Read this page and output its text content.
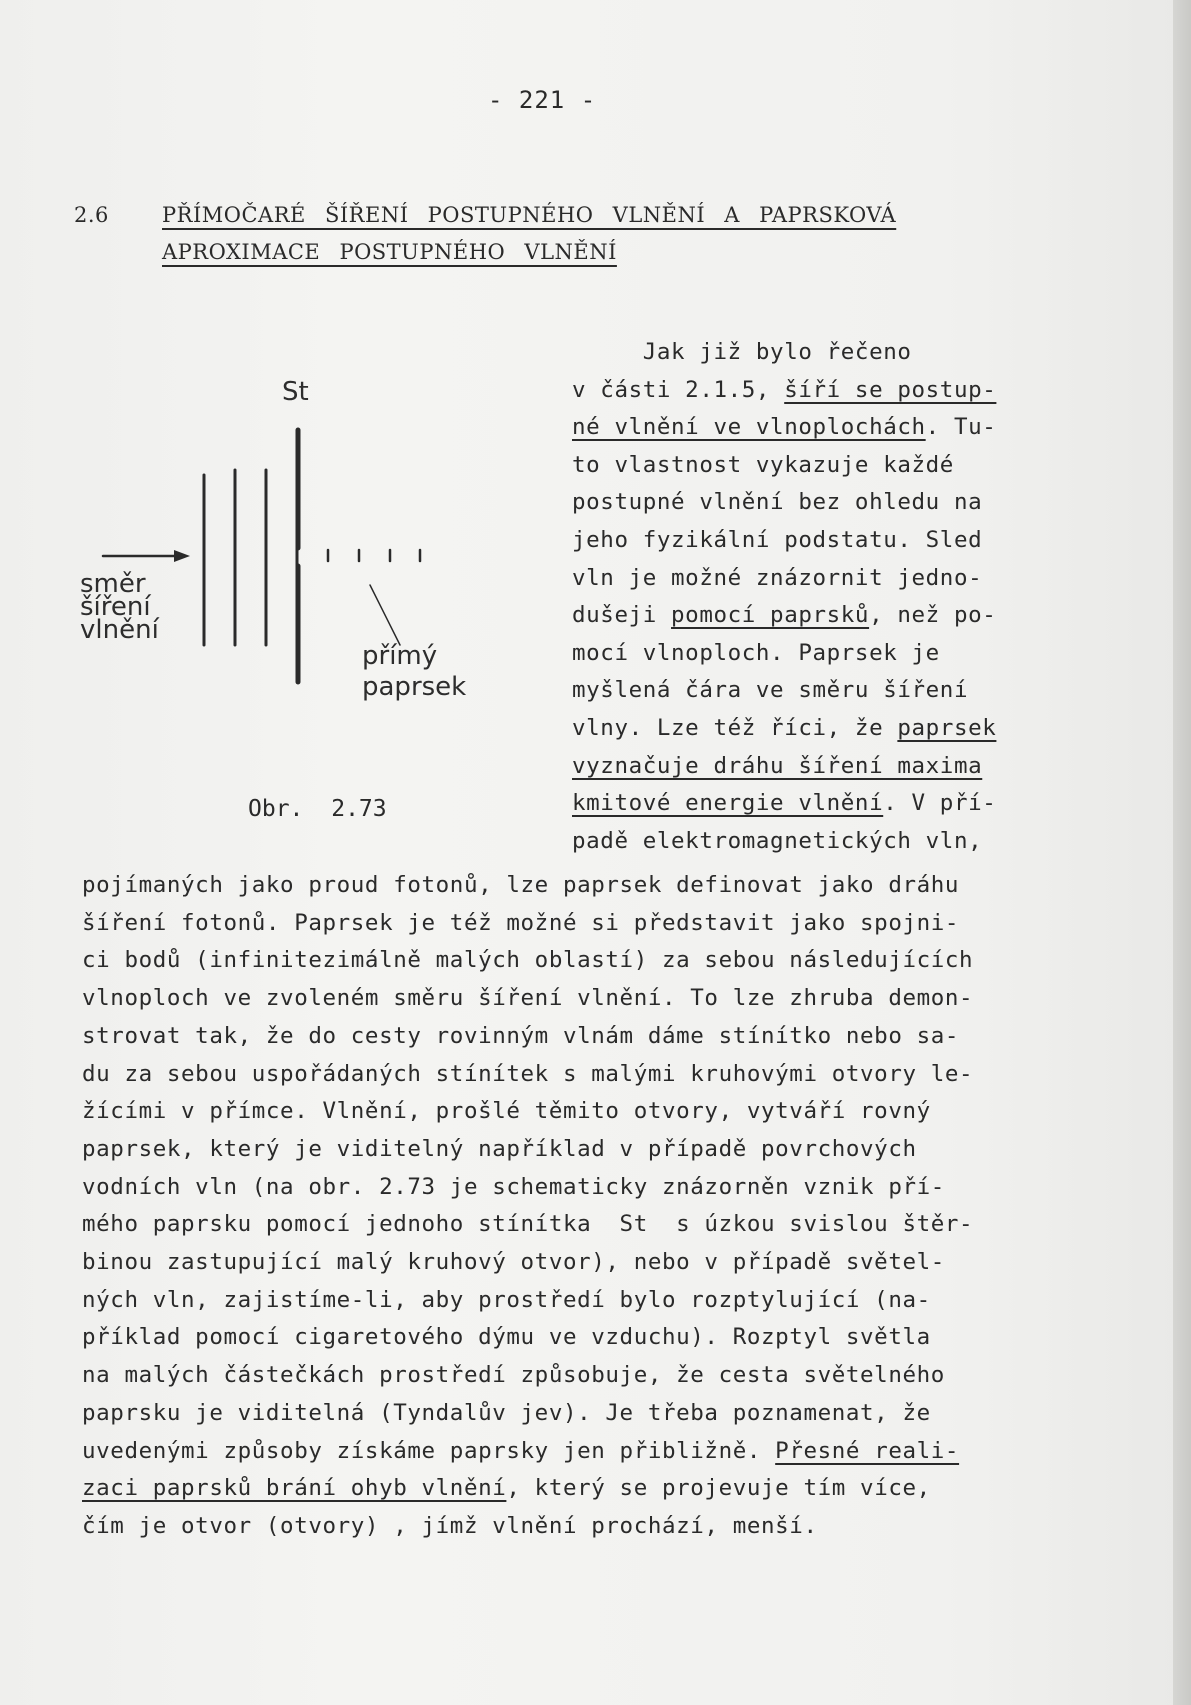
- 221 -
2.6	PŘÍMOČARÉ ŠÍŘENÍ POSTUPNÉHO VLNĚNÍ A PAPRSKOVÁ
APROXIMACE POSTUPNÉHO VLNĚNÍ
St
směr
šíření
vlnění
přímý
paprsek
Obr. 2.73
Jak již bylo řečeno
v části 2.1.5, šíří se postup-
né vlnění ve vlnoplochách. Tu-
to vlastnost vykazuje každé
postupné vlnění bez ohledu na
jeho fyzikální podstatu. Sled
vln je možné znázornit jedno-
dušeji pomocí paprsků, než po-
mocí vlnoploch. Paprsek je
myšlená čára ve směru šíření
vlny. Lze též říci, že paprsek
vyznačuje dráhu šíření maxima
kmitové energie vlnění. V pří-
padě elektromagnetických vln,
pojímaných jako proud fotonů, lze paprsek definovat jako dráhu
šíření fotonů. Paprsek je též možné si představit jako spojni-
ci bodů (infinitezimálně malých oblastí) za sebou následujících
vlnoploch ve zvoleném směru šíření vlnění. To lze zhruba demon-
strovat tak, že do cesty rovinným vlnám dáme stínítko nebo sa-
du za sebou uspořádaných stínítek s malými kruhovými otvory le-
žícími v přímce. Vlnění, prošlé těmito otvory, vytváří rovný
paprsek, který je viditelný například v případě povrchových
vodních vln (na obr. 2.73 je schematicky znázorněn vznik pří-
mého paprsku pomocí jednoho stínítka  St  s úzkou svislou štěr-
binou zastupující malý kruhový otvor), nebo v případě světel-
ných vln, zajistíme-li, aby prostředí bylo rozptylující (na-
příklad pomocí cigaretového dýmu ve vzduchu). Rozptyl světla
na malých částečkách prostředí způsobuje, že cesta světelného
paprsku je viditelná (Tyndalův jev). Je třeba poznamenat, že
uvedenými způsoby získáme paprsky jen přibližně. Přesné reali-
zaci paprsků brání ohyb vlnění, který se projevuje tím více,
čím je otvor (otvory) , jímž vlnění prochází, menší.
